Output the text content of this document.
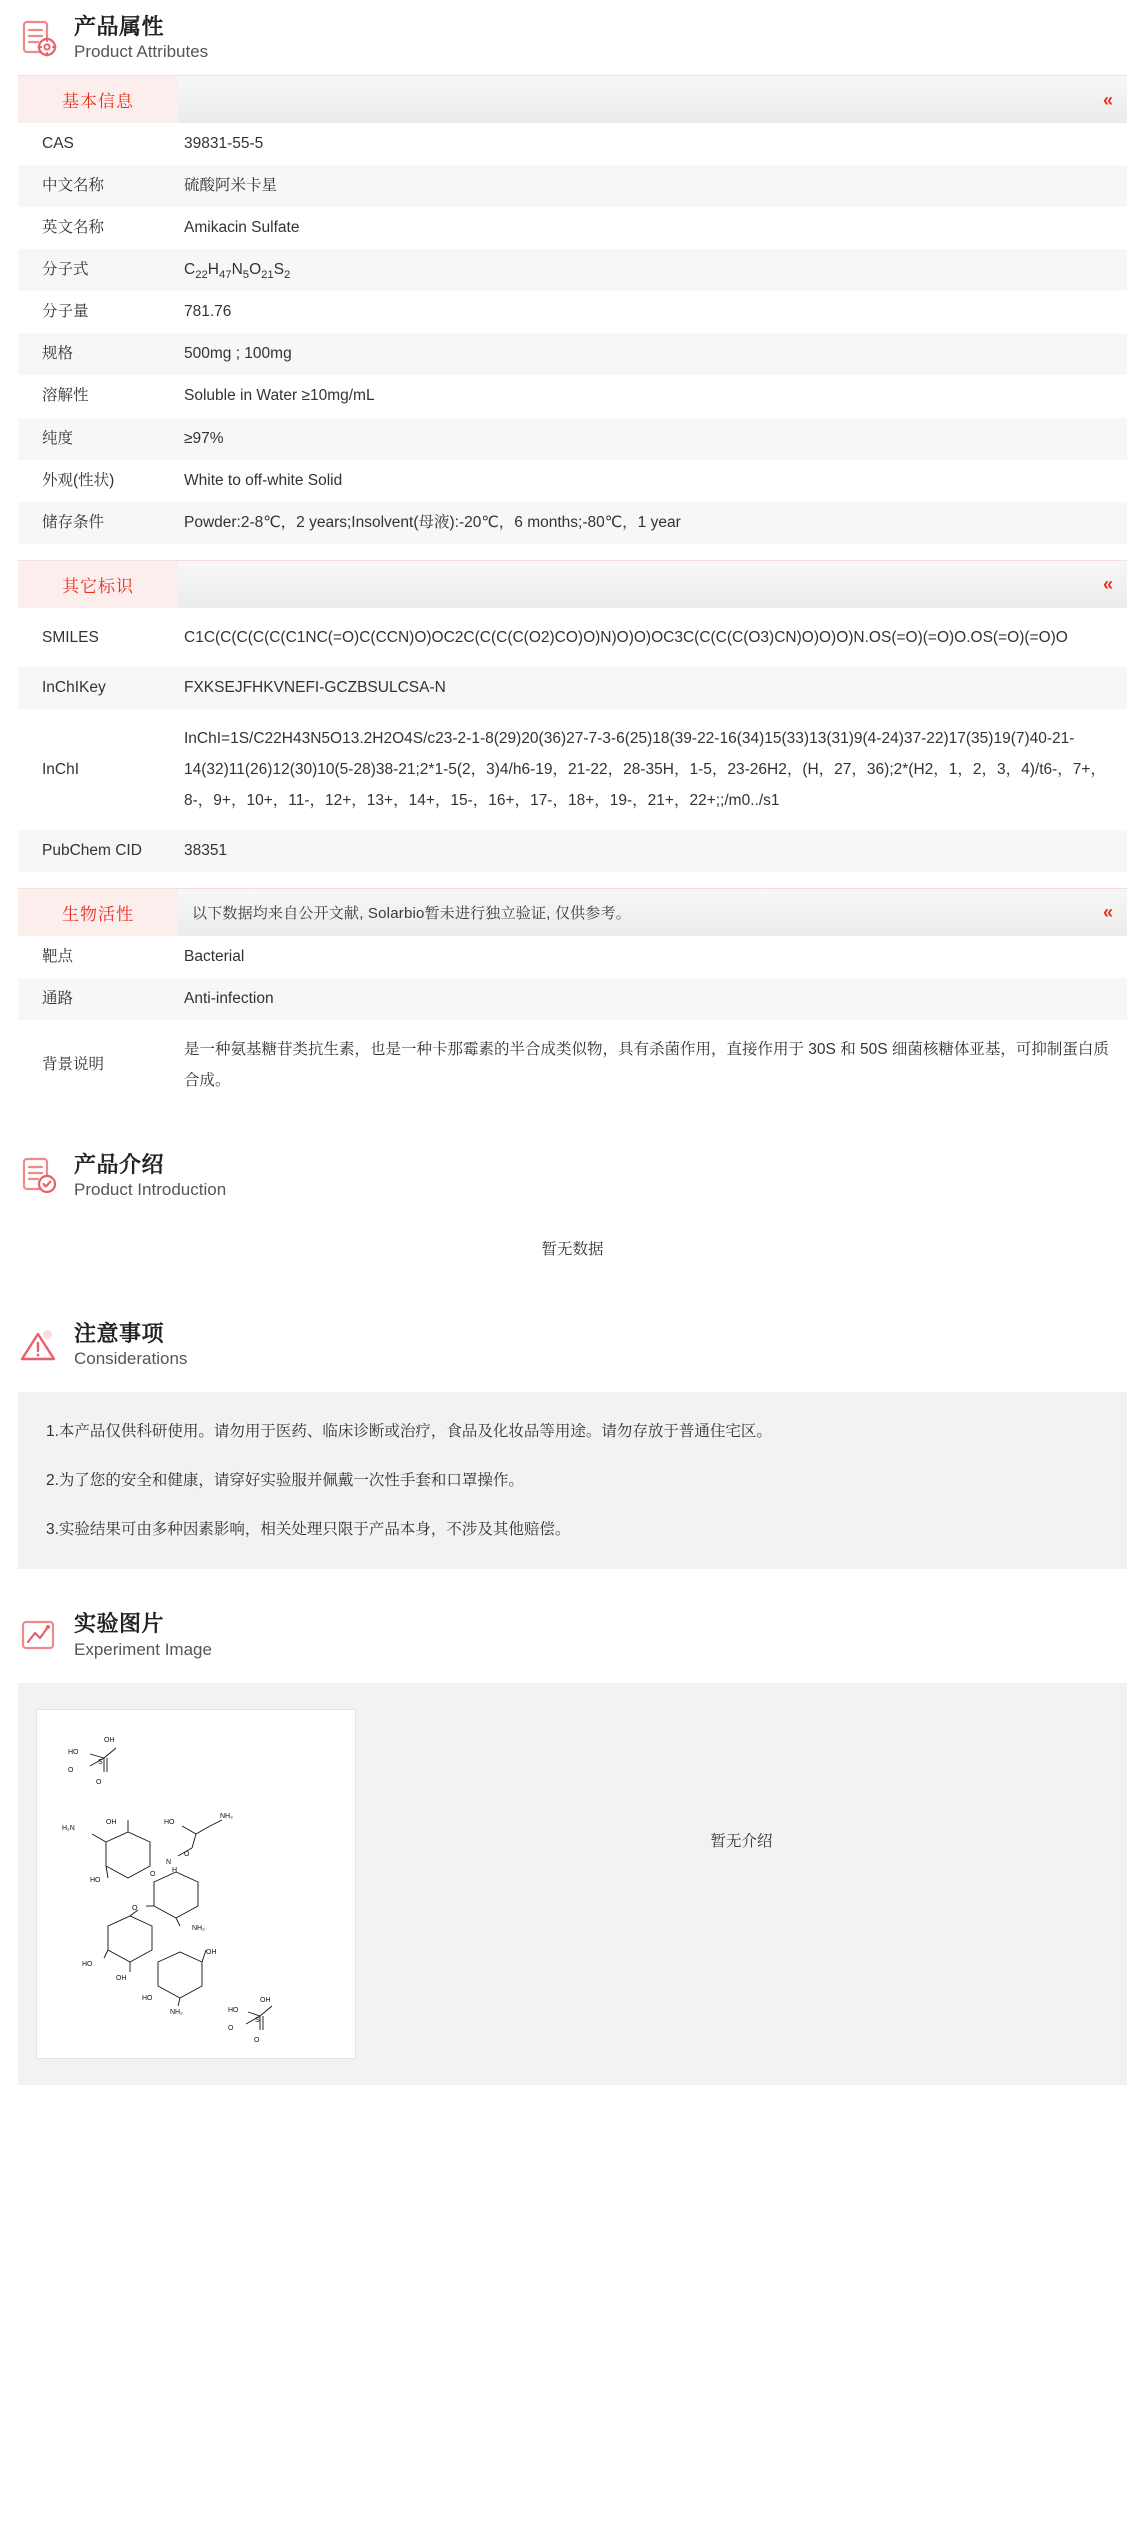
产品属性
Product Attributes
基本信息 «	

CAS	39831-55-5
中文名称	硫酸阿米卡星
英文名称	Amikacin Sulfate
分子式	$C_{22}H_{47}N_5O_{21}S_2$
分子量	781.76
规格	500mg ; 100mg
溶解性	Soluble in Water ≥10mg/mL
纯度	≥97%
外观(性状)	White to off-white Solid
储存条件	Powder:2-8℃，2 years;Insolvent(母液):-20℃，6 months;-80℃，1 year

其它标识 «	

SMILES	C1C(C(C(C(C(C1NC(=O)C(CCN)O)OC2C(C(C(C(O2)CO)O)N)O)O)OC3C(C(C(C(O3)CN)O)O)O)N.OS(=O)(=O)O.OS(=O)(=O)O
InChIKey	FXKSEJFHKVNEFI-GCZBSULCSA-N
InChI	InChI=1S/C22H43N5O13.2H2O4S/c23-2-1-8(29)20(36)27-7-3-6(25)18(39-22-16(34)15(33)13(31)9(4-24)37-22)17(35)19(7)40-21-14(32)11(26)12(30)10(5-28)38-21;2*1-5(2，3)4/h6-19，21-22，28-35H，1-5，23-26H2，(H，27，36);2*(H2，1，2，3，4)/t6-，7+，8-，9+，10+，11-，12+，13+，14+，15-，16+，17-，18+，19-，21+，22+;;/m0../s1
PubChem CID	38351

生物活性 以下数据均来自公开文献, Solarbio暂未进行独立验证, 仅供参考。 «	

靶点	Bacterial
通路	Anti-infection
背景说明	是一种氨基糖苷类抗生素，也是一种卡那霉素的半合成类似物，具有杀菌作用，直接作用于 30S 和 50S 细菌核糖体亚基，可抑制蛋白质合成。
产品介绍
Product Introduction
暂无数据
注意事项
Considerations

1.本产品仅供科研使用。请勿用于医药、临床诊断或治疗，食品及化妆品等用途。请勿存放于普通住宅区。

2.为了您的安全和健康，请穿好实验服并佩戴一次性手套和口罩操作。

3.实验结果可由多种因素影响，相关处理只限于产品本身，不涉及其他赔偿。

实验图片
Experiment Image
HO
OH
S
O
O
H₂N
OH
O
HO
HO
NH₂
O
N
H
NH₂
O
HO
OH
NH₂
OH
HO
HO
OH
S
O
O
暂无介绍
